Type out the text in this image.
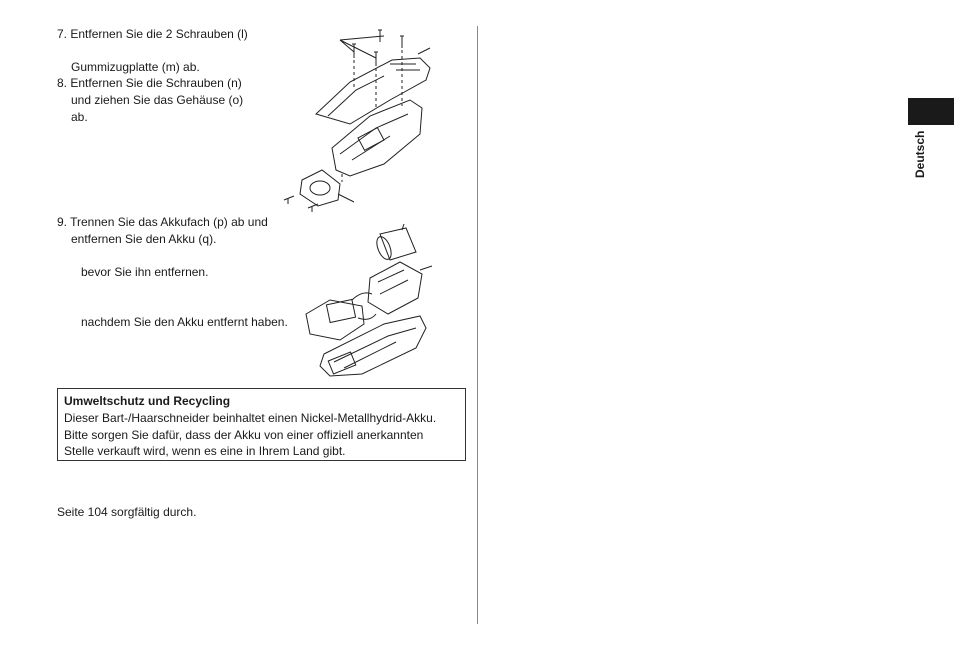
7. Entfernen Sie die 2 Schrauben (l)
Gummizugplatte (m) ab.
8. Entfernen Sie die Schrauben (n)
und ziehen Sie das Gehäuse (o)
ab.
9. Trennen Sie das Akkufach (p) ab und
entfernen Sie den Akku (q).
bevor Sie ihn entfernen.
nachdem Sie den Akku entfernt haben.
Umweltschutz und Recycling
Dieser Bart-/Haarschneider beinhaltet einen Nickel-Metallhydrid-Akku.
Bitte sorgen Sie dafür, dass der Akku von einer offiziell anerkannten
Stelle verkauft wird, wenn es eine in Ihrem Land gibt.
Seite 104 sorgfältig durch.
Deutsch
